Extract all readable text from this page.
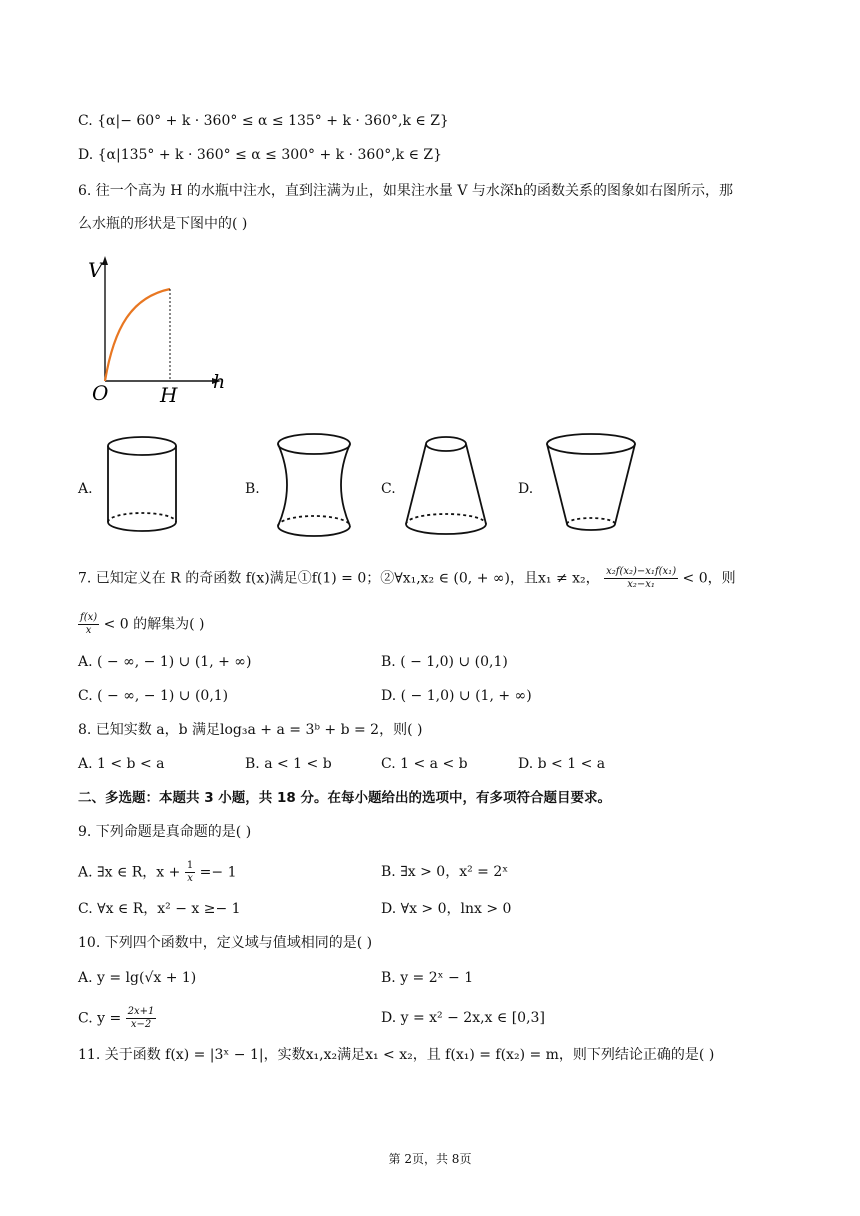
C. {α|− 60° + k · 360° ≤ α ≤ 135° + k · 360°,k ∈ Z}
D. {α|135° + k · 360° ≤ α ≤ 300° + k · 360°,k ∈ Z}
6. 往一个高为 H 的水瓶中注水，直到注满为止，如果注水量 V 与水深h的函数关系的图象如右图所示，那
么水瓶的形状是下图中的( )
V
O	H
h
A.	B.	C.	D.
7. 已知定义在 R 的奇函数 f(x)满足①f(1) = 0；②∀x₁,x₂ ∈ (0, + ∞)，且x₁ ≠ x₂， $\frac{\text{x₂f(x₂)−x₁f(x₁)}}{\text{x₂−x₁}} < 0$，则
$\frac{f(x)}{x} < 0$ 的解集为( )
A. ( − ∞, − 1) ∪ (1, + ∞)	B. ( − 1,0) ∪ (0,1)
C. ( − ∞, − 1) ∪ (0,1)	D. ( − 1,0) ∪ (1, + ∞)
8. 已知实数 a，b 满足log₃a + a = 3ᵇ + b = 2，则( )
A. 1 < b < a	B. a < 1 < b	C. 1 < a < b	D. b < 1 < a
二、多选题：本题共 3 小题，共 18 分。在每小题给出的选项中，有多项符合题目要求。
9. 下列命题是真命题的是( )
A. ∃x ∈ R，$x + \frac{1}{x} =- 1$	B. ∃x > 0，x² = 2ˣ
C. ∀x ∈ R，x² − x ≥− 1	D. ∀x > 0，lnx > 0
10. 下列四个函数中，定义域与值域相同的是( )
A. y = lg(√x + 1)	B. y = 2ˣ − 1
C. $y = \frac{2x+1}{x-2}$	D. y = x² − 2x,x ∈ [0,3]
11. 关于函数 f(x) = |3ˣ − 1|，实数x₁,x₂满足x₁ < x₂，且 f(x₁) = f(x₂) = m，则下列结论正确的是( )
第 2页，共 8页
